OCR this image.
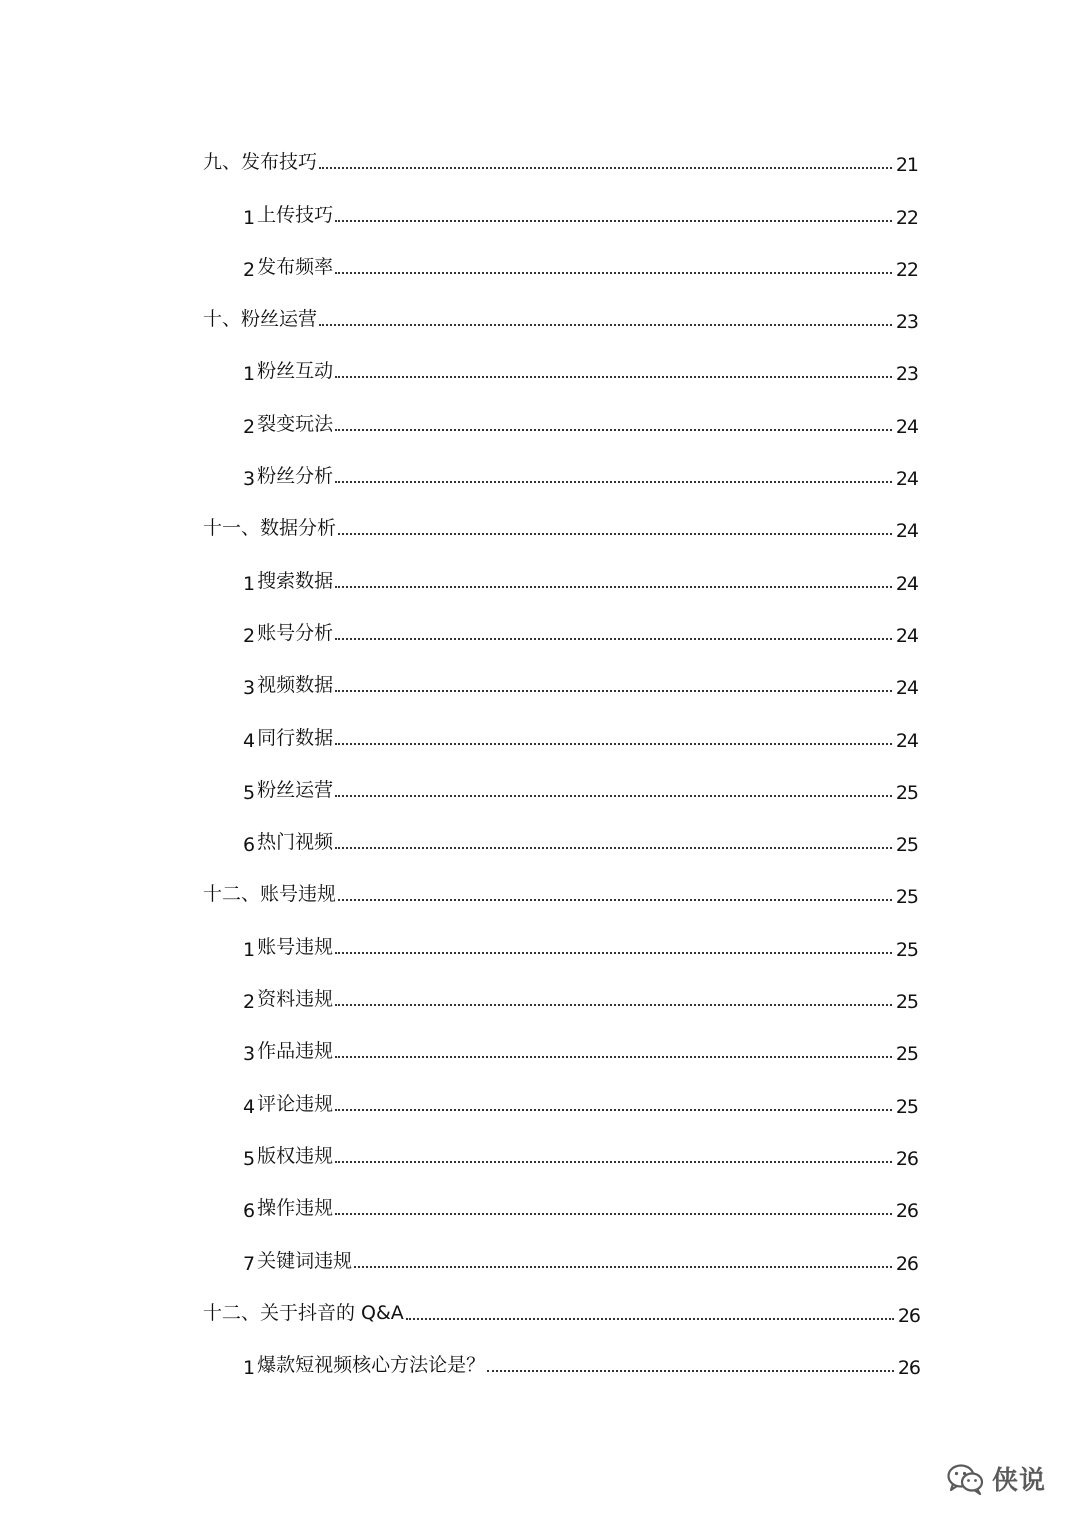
九、发布技巧	21
1 上传技巧	22
2 发布频率	22
十、粉丝运营	23
1 粉丝互动	23
2 裂变玩法	24
3 粉丝分析	24
十一、数据分析	24
1 搜索数据	24
2 账号分析	24
3 视频数据	24
4 同行数据	24
5 粉丝运营	25
6 热门视频	25
十二、账号违规	25
1 账号违规	25
2 资料违规	25
3 作品违规	25
4 评论违规	25
5 版权违规	26
6 操作违规	26
7 关键词违规	26
十二、关于抖音的 Q&A	26
1 爆款短视频核心方法论是？	26
侠说
